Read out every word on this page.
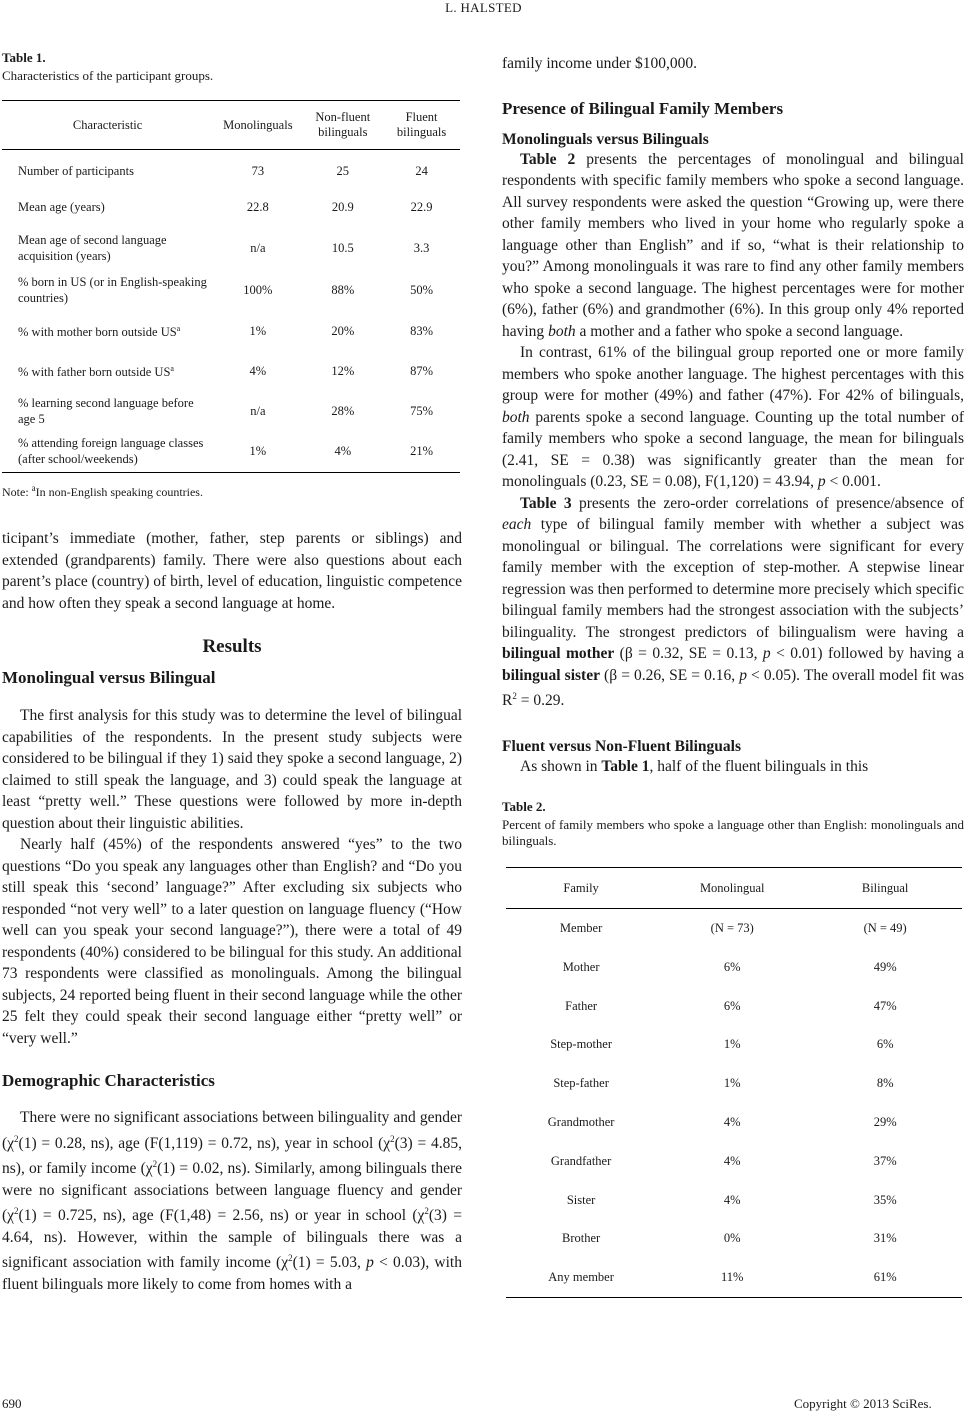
L. HALSTED

Table 1.

Characteristics of the participant groups.

Characteristic	Monolinguals	Non-fluent bilinguals	Fluent bilinguals
Number of participants	73	25	24
Mean age (years)	22.8	20.9	22.9
Mean age of second language acquisition (years)	n/a	10.5	3.3
% born in US (or in English-speaking countries)	100%	88%	50%
% with mother born outside $US^a$	1%	20%	83%
% with father born outside $US^a$	4%	12%	87%
% learning second language before age 5	n/a	28%	75%
% attending foreign language classes (after school/weekends)	1%	4%	21%
Note: $^a$In non-English speaking countries.

ticipant’s immediate (mother, father, step parents or siblings) and extended (grandparents) family. There were also questions about each parent’s place (country) of birth, level of education, linguistic competence and how often they speak a second language at home.

Results
Monolingual versus Bilingual

The first analysis for this study was to determine the level of bilingual capabilities of the respondents. In the present study subjects were considered to be bilingual if they 1) said they spoke a second language, 2) claimed to still speak the language, and 3) could speak the language at least “pretty well.” These questions were followed by more in-depth question about their linguistic abilities.

Nearly half (45%) of the respondents answered “yes” to the two questions “Do you speak any languages other than English? and “Do you still speak this ‘second’ language?” After excluding six subjects who responded “not very well” to a later question on language fluency (“How well can you speak your second language?”), there were a total of 49 respondents (40%) considered to be bilingual for this study. An additional 73 respondents were classified as monolinguals. Among the bilingual subjects, 24 reported being fluent in their second language while the other 25 felt they could speak their second language either “pretty well” or “very well.”

Demographic Characteristics

There were no significant associations between bilinguality and gender ($\chi^2(1) = 0.28$, ns), age (F(1,119) = 0.72, ns), year in school ($\chi^2(3) = 4.85$, ns), or family income ($\chi^2(1) = 0.02$, ns). Similarly, among bilinguals there were no significant associations between language fluency and gender ($\chi^2(1) = 0.725$, ns), age (F(1,48) = 2.56, ns) or year in school ($\chi^2(3) = 4.64$, ns). However, within the sample of bilinguals there was a significant association with family income ($\chi^2(1) = 5.03$, p < 0.03), with fluent bilinguals more likely to come from homes with a

family income under $100,000.

Presence of Bilingual Family Members
Monolinguals versus Bilinguals

Table 2 presents the percentages of monolingual and bilingual respondents with specific family members who spoke a second language. All survey respondents were asked the question “Growing up, were there other family members who lived in your home who regularly spoke a language other than English” and if so, “what is their relationship to you?” Among monolinguals it was rare to find any other family members who spoke a second language. The highest percentages were for mother (6%), father (6%) and grandmother (6%). In this group only 4% reported having both a mother and a father who spoke a second language.

In contrast, 61% of the bilingual group reported one or more family members who spoke another language. The highest percentages with this group were for mother (49%) and father (47%). For 42% of bilinguals, both parents spoke a second language. Counting up the total number of family members who spoke a second language, the mean for bilinguals (2.41, SE = 0.38) was significantly greater than the mean for monolinguals (0.23, SE = 0.08), F(1,120) = 43.94, p < 0.001.

Table 3 presents the zero-order correlations of presence/absence of each type of bilingual family member with whether a subject was monolingual or bilingual. The correlations were significant for every family member with the exception of step-mother. A stepwise linear regression was then performed to determine more precisely which specific bilingual family members had the strongest association with the subjects’ bilinguality. The strongest predictors of bilingualism were having a bilingual mother (β = 0.32, SE = 0.13, p < 0.01) followed by having a bilingual sister (β = 0.26, SE = 0.16, p < 0.05). The overall model fit was $R^2 = 0.29$.

Fluent versus Non-Fluent Bilinguals

As shown in Table 1, half of the fluent bilinguals in this

Table 2.

Percent of family members who spoke a language other than English: monolinguals and bilinguals.

Family	Monolingual	Bilingual
Member	(N = 73)	(N = 49)
Mother	6%	49%
Father	6%	47%
Step-mother	1%	6%
Step-father	1%	8%
Grandmother	4%	29%
Grandfather	4%	37%
Sister	4%	35%
Brother	0%	31%
Any member	11%	61%
690	Copyright © 2013 SciRes.
